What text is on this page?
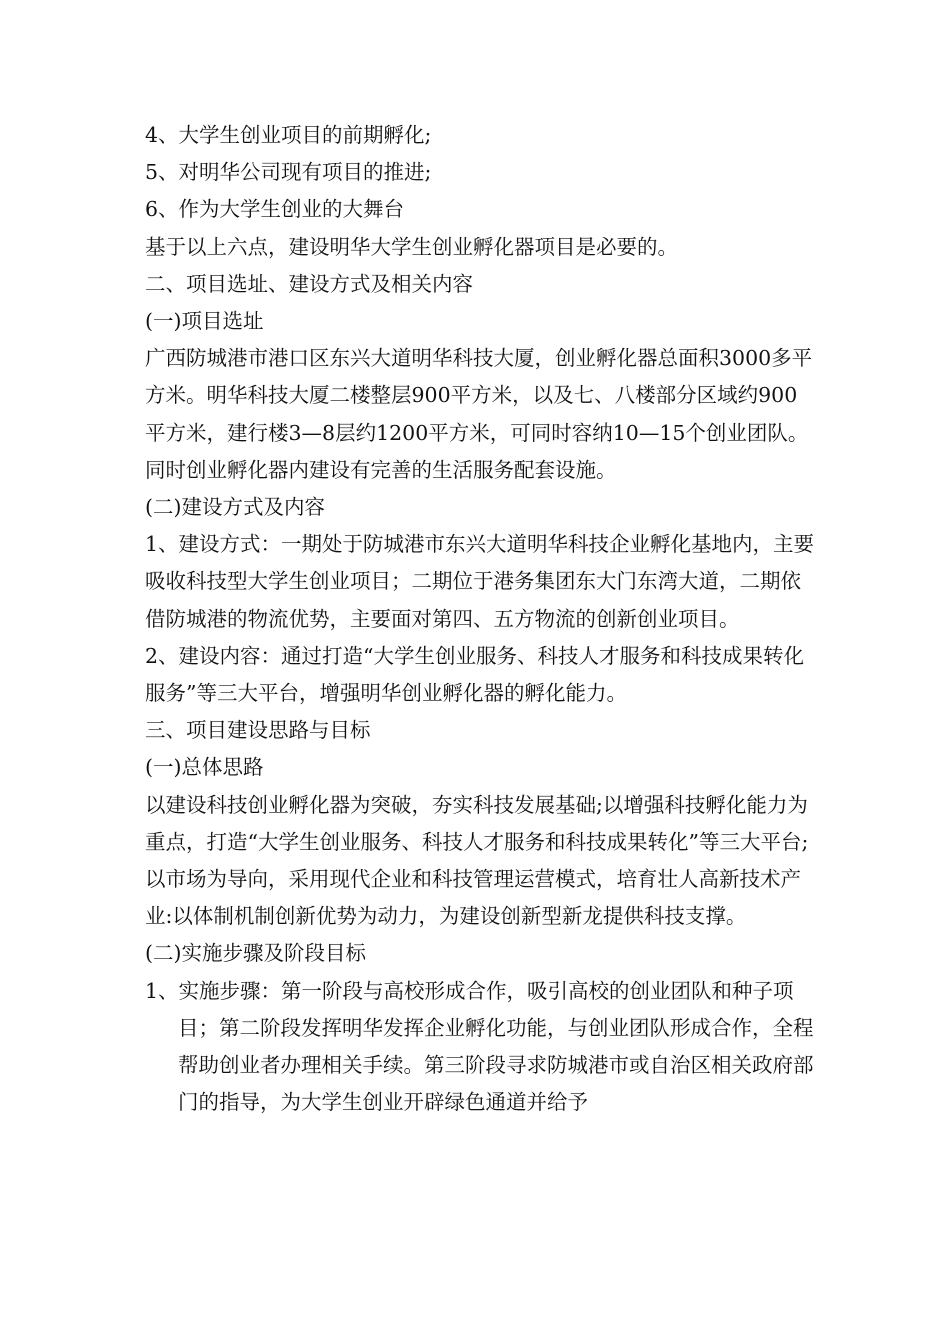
4、大学生创业项目的前期孵化;

5、对明华公司现有项目的推进;

6、作为大学生创业的大舞台

基于以上六点，建设明华大学生创业孵化器项目是必要的。

二、项目选址、建设方式及相关内容

(一)项目选址

广西防城港市港口区东兴大道明华科技大厦，创业孵化器总面积3000多平方米。明华科技大厦二楼整层900平方米，以及七、八楼部分区域约900平方米，建行楼3—8层约1200平方米，可同时容纳10—15个创业团队。同时创业孵化器内建设有完善的生活服务配套设施。

(二)建设方式及内容

1、建设方式：一期处于防城港市东兴大道明华科技企业孵化基地内，主要吸收科技型大学生创业项目；二期位于港务集团东大门东湾大道，二期依借防城港的物流优势，主要面对第四、五方物流的创新创业项目。

2、建设内容：通过打造“大学生创业服务、科技人才服务和科技成果转化服务”等三大平台，增强明华创业孵化器的孵化能力。

三、项目建设思路与目标

(一)总体思路

以建设科技创业孵化器为突破，夯实科技发展基础;以增强科技孵化能力为重点，打造“大学生创业服务、科技人才服务和科技成果转化”等三大平台;以市场为导向，采用现代企业和科技管理运营模式，培育壮人高新技术产业:以体制机制创新优势为动力，为建设创新型新龙提供科技支撑。

(二)实施步骤及阶段目标

1、实施步骤：第一阶段与高校形成合作，吸引高校的创业团队和种子项目；第二阶段发挥明华发挥企业孵化功能，与创业团队形成合作，全程帮助创业者办理相关手续。第三阶段寻求防城港市或自治区相关政府部门的指导，为大学生创业开辟绿色通道并给予
